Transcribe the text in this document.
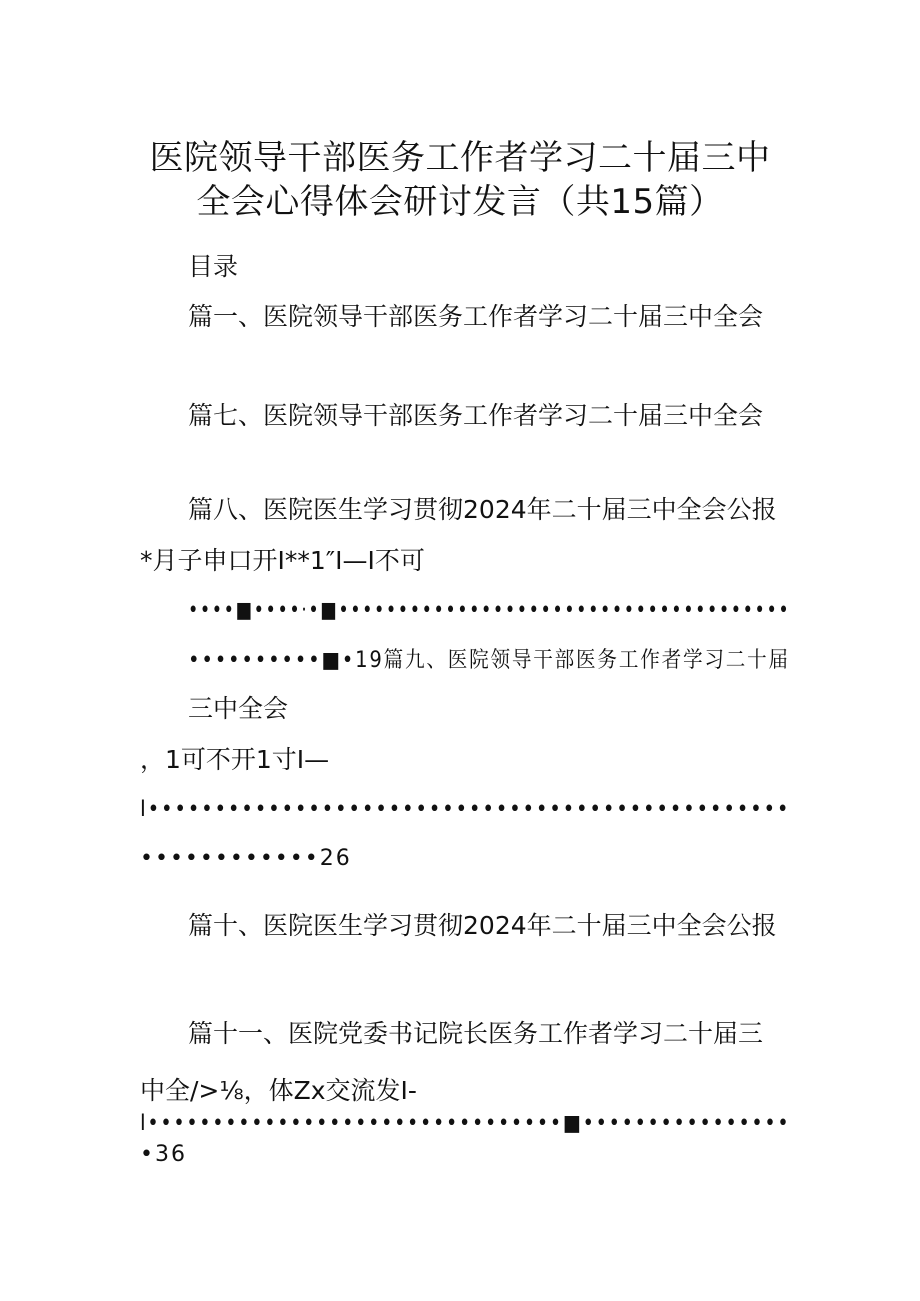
医院领导干部医务工作者学习二十届三中
全会心得体会研讨发言（共15篇）

目录

篇一、医院领导干部医务工作者学习二十届三中全会

篇七、医院领导干部医务工作者学习二十届三中全会

篇八、医院医生学习贯彻2024年二十届三中全会公报

*月子申口开I**1″I—I不可

••••■••••·•■••••••••••••••••••••••••••••••••••••••

••••••••••■•19篇九、医院领导干部医务工作者学习二十届

三中全会

，1可不开1寸I—

I••••••••••••••••••••••••••••••••••••••••••••••••

••••••••••••26

篇十、医院医生学习贯彻2024年二十届三中全会公报

篇十一、医院党委书记院长医务工作者学习二十届三

中全/>⅛，体Zx交流发I-

I••••••••••••••••••••••••••••••••■••••••••••••••••

•36
